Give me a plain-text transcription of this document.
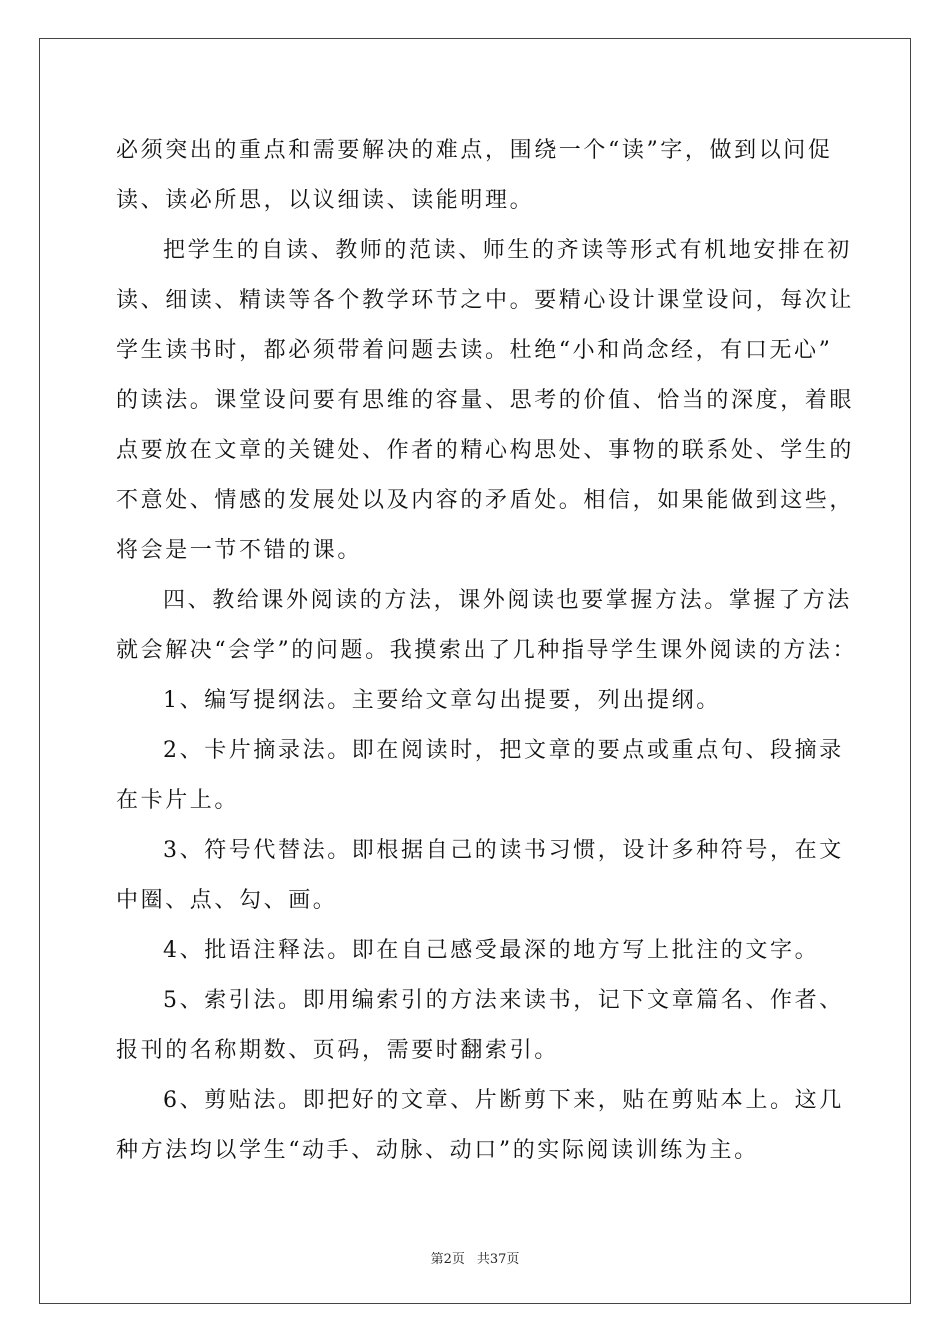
必须突出的重点和需要解决的难点，围绕一个“读”字，做到以问促
读、读必所思，以议细读、读能明理。
把学生的自读、教师的范读、师生的齐读等形式有机地安排在初
读、细读、精读等各个教学环节之中。要精心设计课堂设问，每次让
学生读书时，都必须带着问题去读。杜绝“小和尚念经，有口无心”
的读法。课堂设问要有思维的容量、思考的价值、恰当的深度，着眼
点要放在文章的关键处、作者的精心构思处、事物的联系处、学生的
不意处、情感的发展处以及内容的矛盾处。相信，如果能做到这些，
将会是一节不错的课。
四、教给课外阅读的方法，课外阅读也要掌握方法。掌握了方法
就会解决“会学”的问题。我摸索出了几种指导学生课外阅读的方法：
1、编写提纲法。主要给文章勾出提要，列出提纲。
2、卡片摘录法。即在阅读时，把文章的要点或重点句、段摘录
在卡片上。
3、符号代替法。即根据自己的读书习惯，设计多种符号，在文
中圈、点、勾、画。
4、批语注释法。即在自己感受最深的地方写上批注的文字。
5、索引法。即用编索引的方法来读书，记下文章篇名、作者、
报刊的名称期数、页码，需要时翻索引。
6、剪贴法。即把好的文章、片断剪下来，贴在剪贴本上。这几
种方法均以学生“动手、动脉、动口”的实际阅读训练为主。
第2页 共37页
